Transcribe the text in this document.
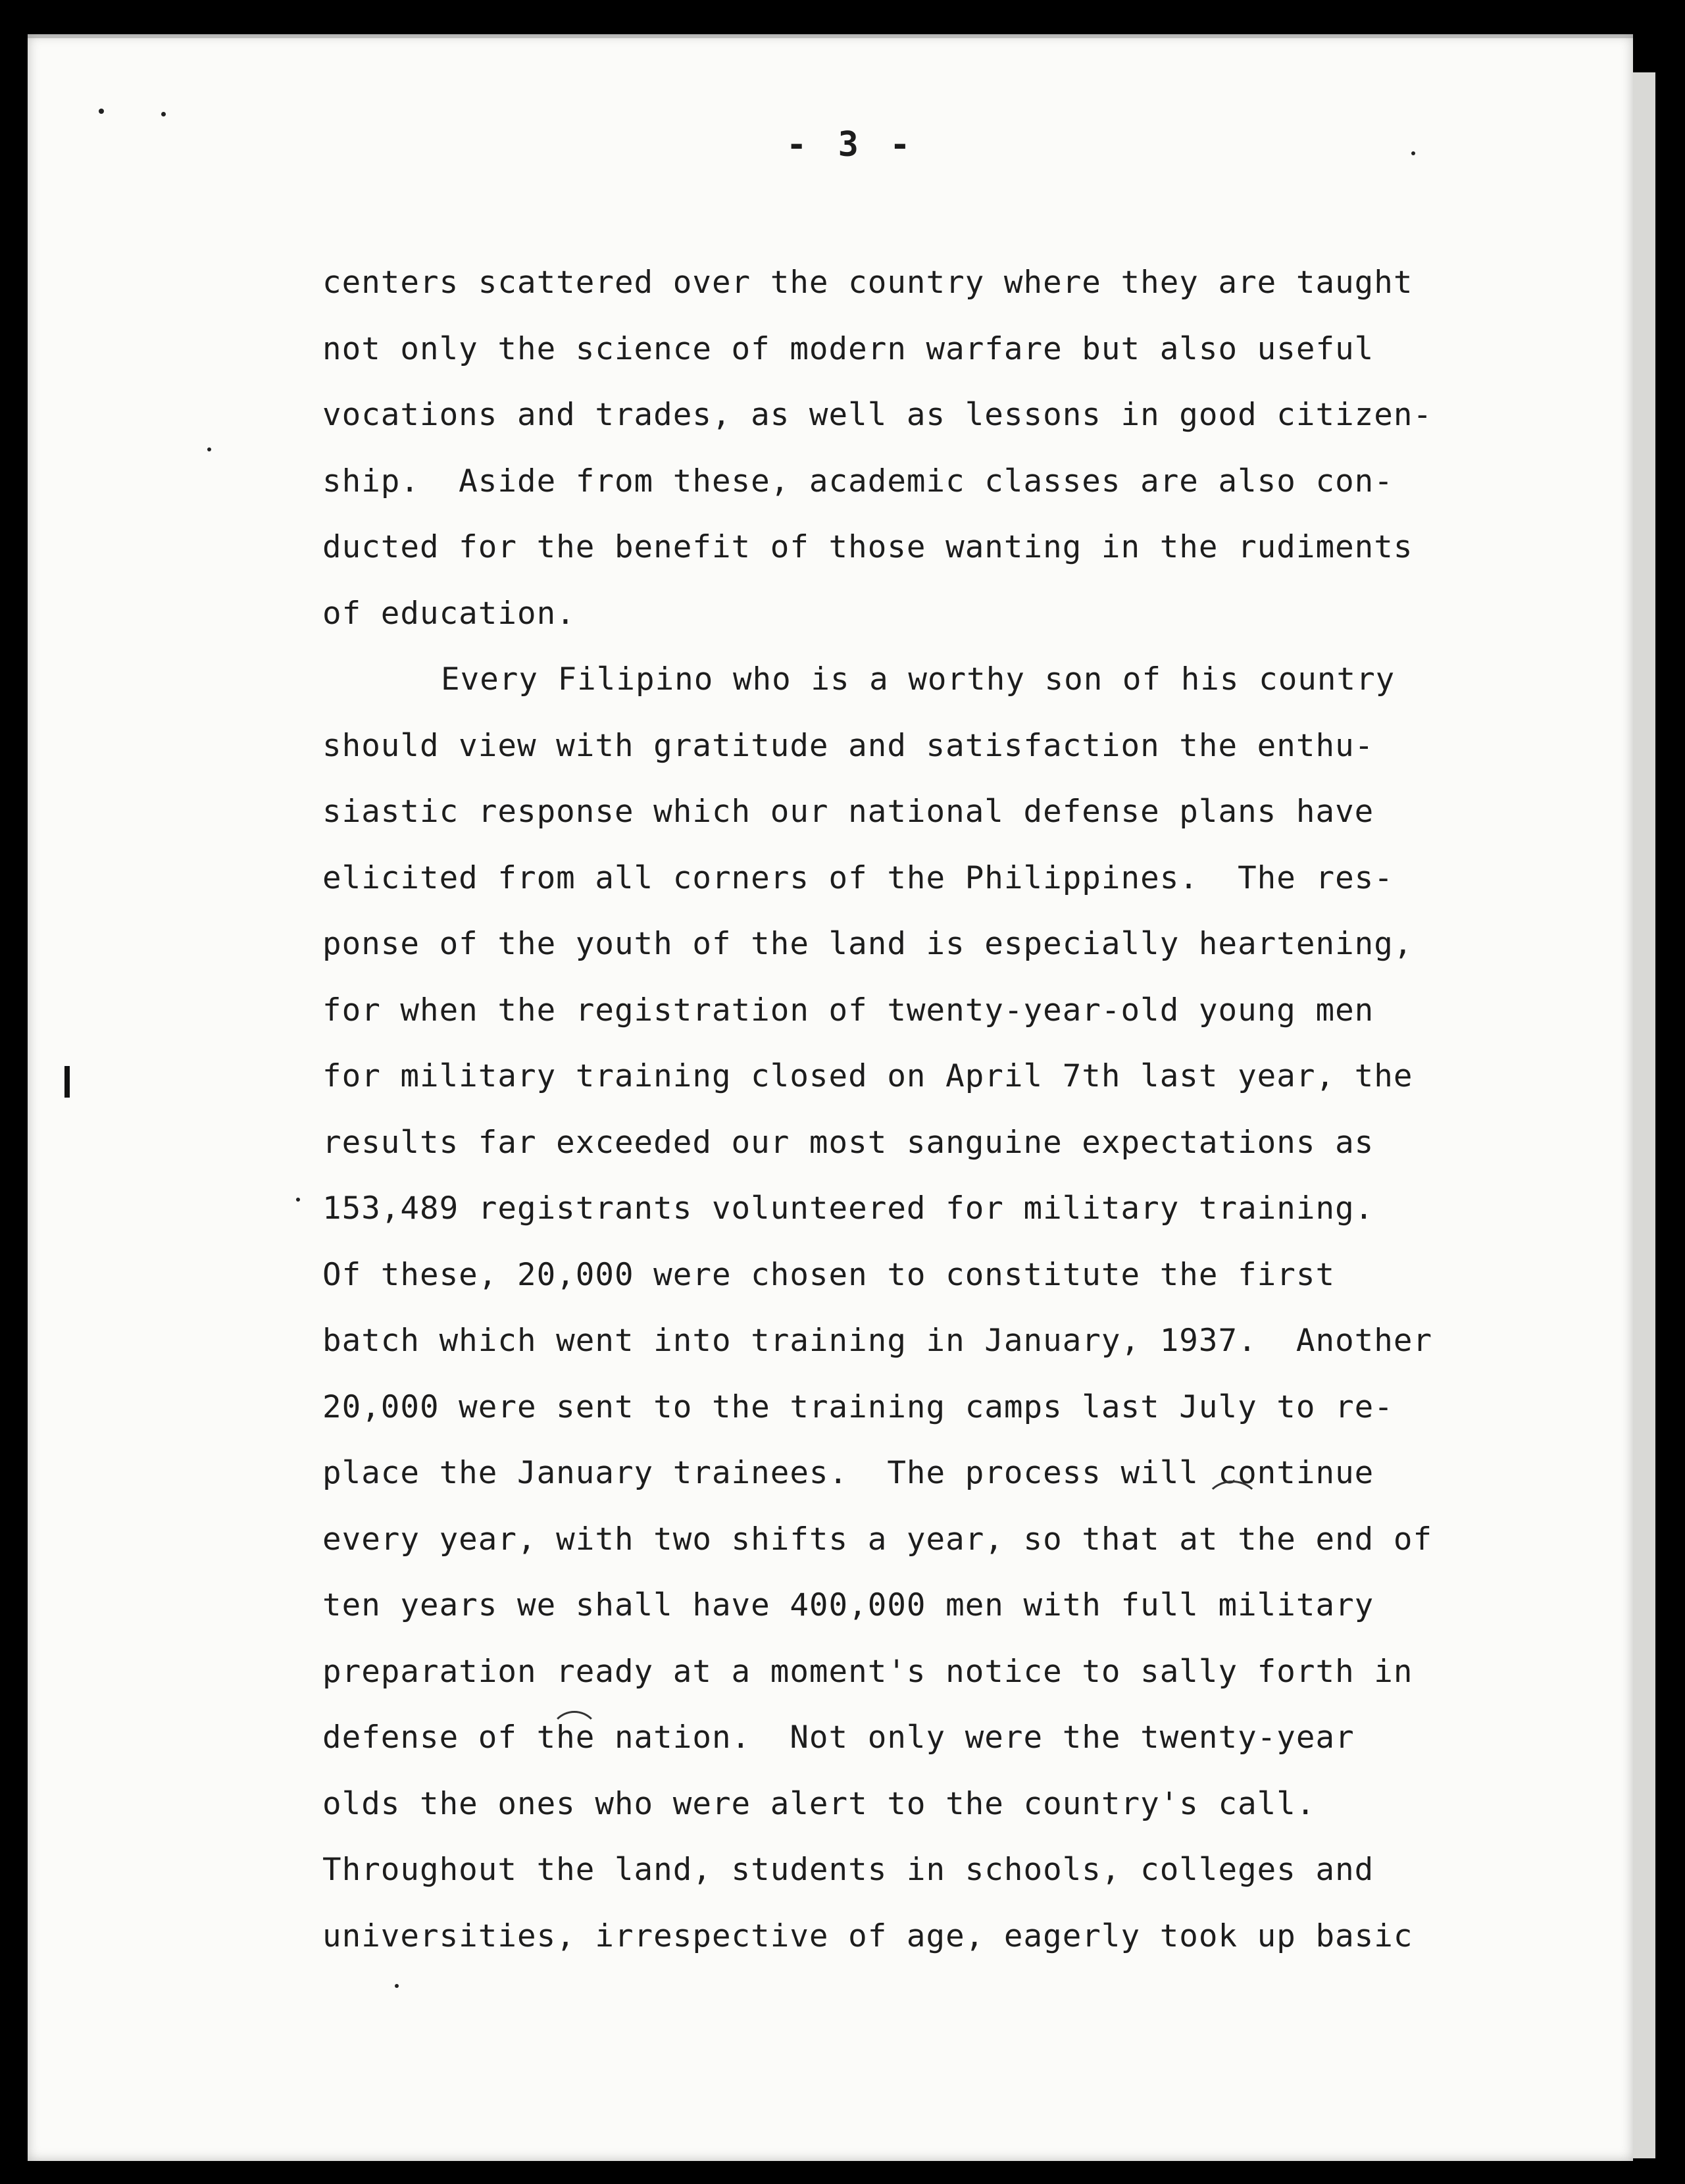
- 3 -
centers scattered over the country where they are taught
not only the science of modern warfare but also useful
vocations and trades, as well as lessons in good citizen-
ship.  Aside from these, academic classes are also con-
ducted for the benefit of those wanting in the rudiments
of education.
Every Filipino who is a worthy son of his country
should view with gratitude and satisfaction the enthu-
siastic response which our national defense plans have
elicited from all corners of the Philippines.  The res-
ponse of the youth of the land is especially heartening,
for when the registration of twenty-year-old young men
for military training closed on April 7th last year, the
results far exceeded our most sanguine expectations as
153,489 registrants volunteered for military training.
Of these, 20,000 were chosen to constitute the first
batch which went into training in January, 1937.  Another
20,000 were sent to the training camps last July to re-
place the January trainees.  The process will continue
every year, with two shifts a year, so that at the end of
ten years we shall have 400,000 men with full military
preparation ready at a moment's notice to sally forth in
defense of the nation.  Not only were the twenty-year
olds the ones who were alert to the country's call.
Throughout the land, students in schools, colleges and
universities, irrespective of age, eagerly took up basic
